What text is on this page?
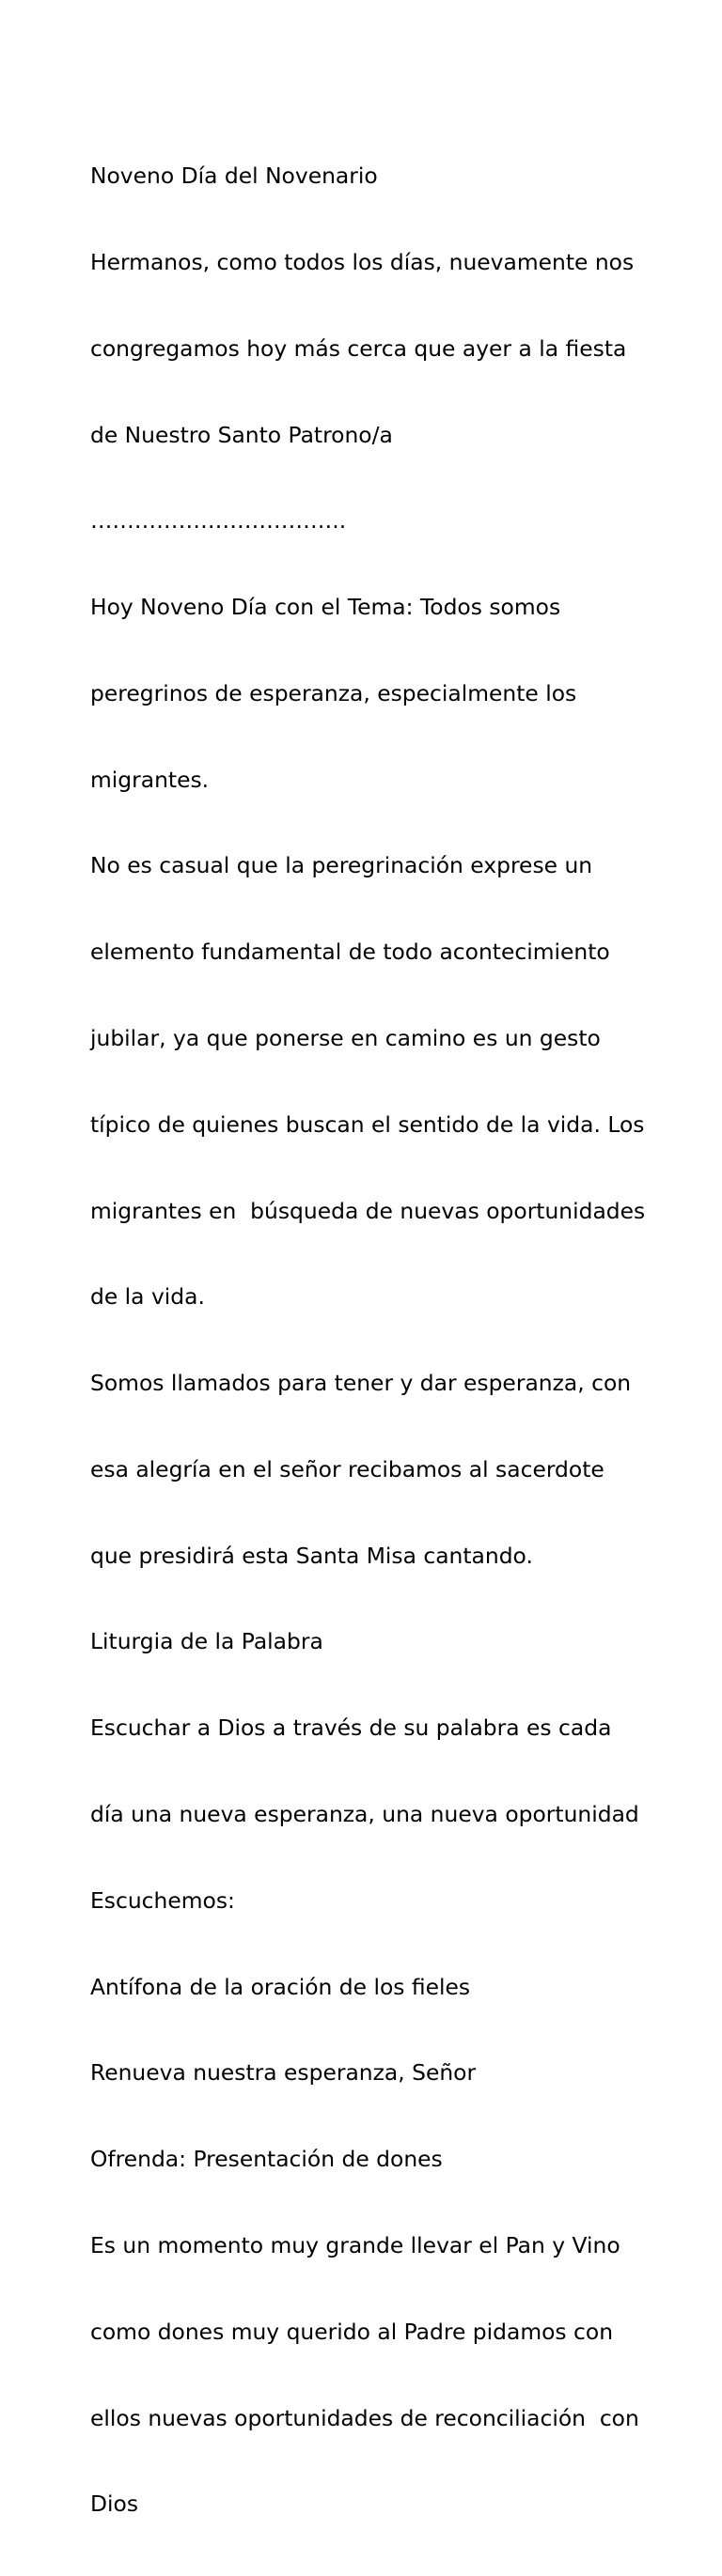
Noveno Día del Novenario

Hermanos, como todos los días, nuevamente nos

congregamos hoy más cerca que ayer a la fiesta

de Nuestro Santo Patrono/a

……………………………..

Hoy Noveno Día con el Tema: Todos somos

peregrinos de esperanza, especialmente los

migrantes.

No es casual que la peregrinación exprese un

elemento fundamental de todo acontecimiento

jubilar, ya que ponerse en camino es un gesto

típico de quienes buscan el sentido de la vida. Los

migrantes en  búsqueda de nuevas oportunidades

de la vida.

Somos llamados para tener y dar esperanza, con

esa alegría en el señor recibamos al sacerdote

que presidirá esta Santa Misa cantando.

Liturgia de la Palabra

Escuchar a Dios a través de su palabra es cada

día una nueva esperanza, una nueva oportunidad

Escuchemos:

Antífona de la oración de los fieles

Renueva nuestra esperanza, Señor

Ofrenda: Presentación de dones

Es un momento muy grande llevar el Pan y Vino

como dones muy querido al Padre pidamos con

ellos nuevas oportunidades de reconciliación  con

Dios
